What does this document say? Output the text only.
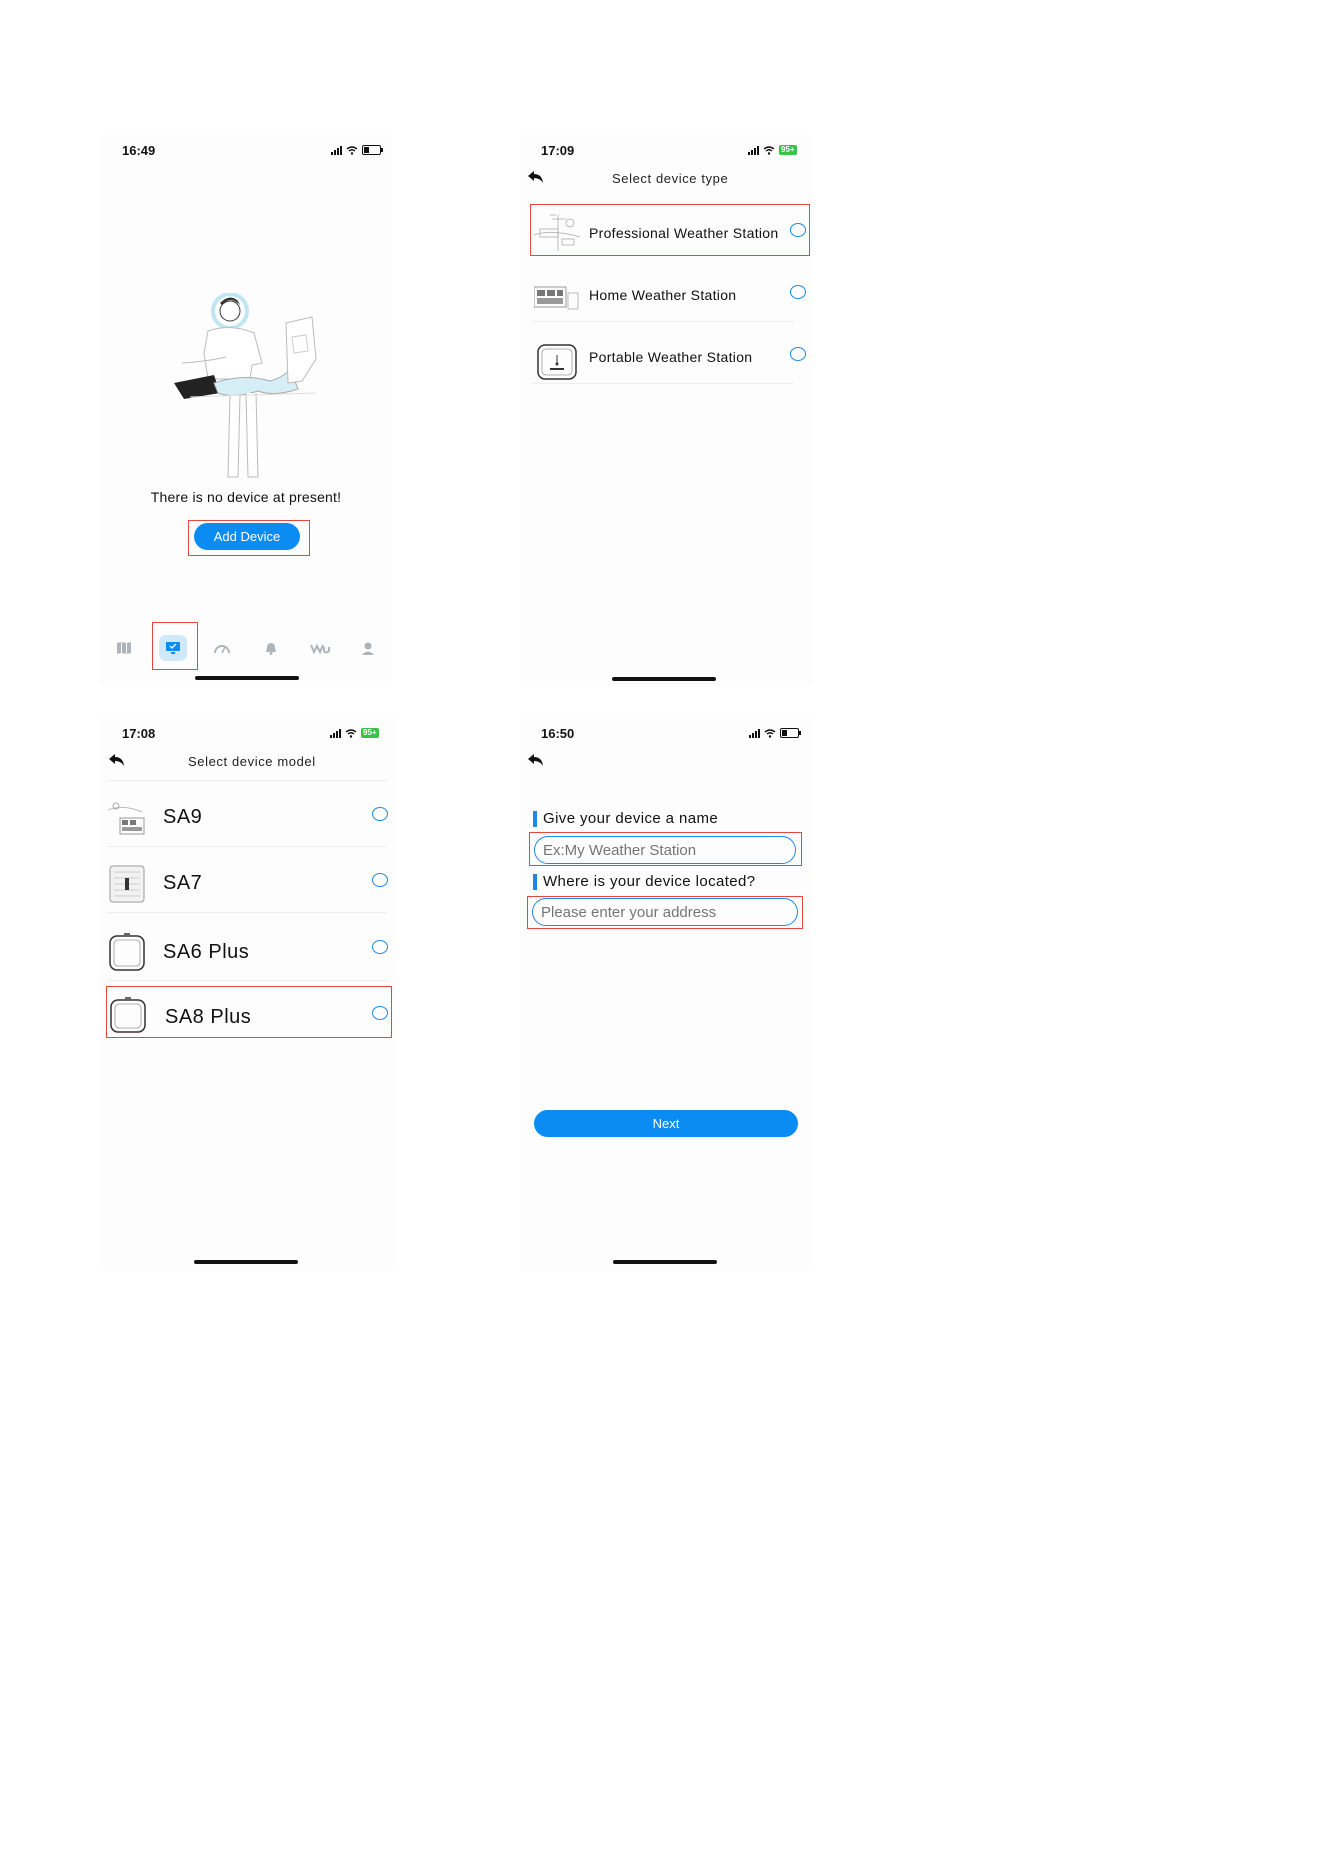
16:49
There is no device at present!
Add Device
17:09	95+
Select device type
Professional Weather Station
Home Weather Station
Portable Weather Station
17:08	95+
Select device model
SA9
SA7
SA6 Plus
SA8 Plus
16:50
Give your device a name
Ex:My Weather Station
Where is your device located?
Please enter your address
Next
